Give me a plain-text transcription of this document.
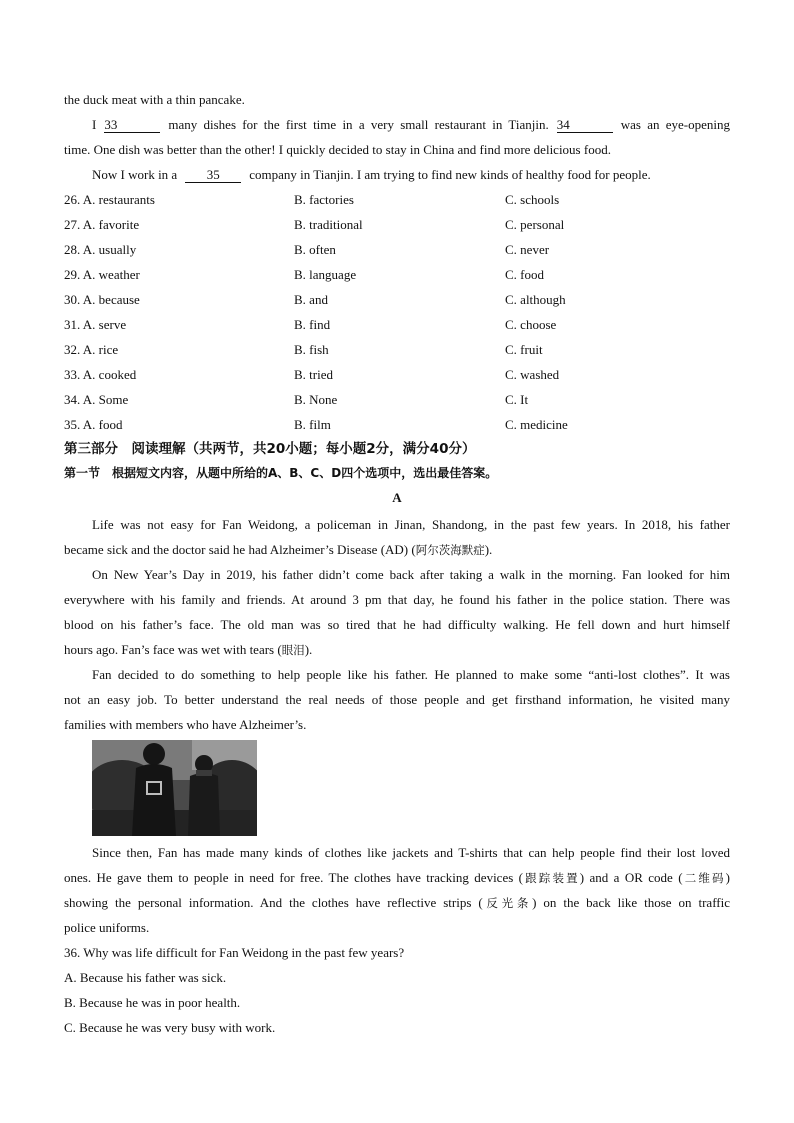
the duck meat with a thin pancake.
I 33	many dishes for the first time in a very small restaurant in Tianjin. 34	was an eye-opening
time. One dish was better than the other! I quickly decided to stay in China and find more delicious food.
Now I work in a 35 company in Tianjin. I am trying to find new kinds of healthy food for people.
26. A. restaurants	B. factories	C. schools
27. A. favorite	B. traditional	C. personal
28. A. usually	B. often	C. never
29. A. weather	B. language	C. food
30. A. because	B. and	C. although
31. A. serve	B. find	C. choose
32. A. rice	B. fish	C. fruit
33. A. cooked	B. tried	C. washed
34. A. Some	B. None	C. It
35. A. food	B. film	C. medicine
第三部分　阅读理解（共两节，共20小题；每小题2分，满分40分）
第一节　根据短文内容，从题中所给的A、B、C、D四个选项中，选出最佳答案。
A
Life was not easy for Fan Weidong, a policeman in Jinan, Shandong, in the past few years. In 2018, his father
became sick and the doctor said he had Alzheimer’s Disease (AD) (阿尔茨海默症).
On New Year’s Day in 2019, his father didn’t come back after taking a walk in the morning. Fan looked for him
everywhere with his family and friends. At around 3 pm that day, he found his father in the police station. There was
blood on his father’s face. The old man was so tired that he had difficulty walking. He fell down and hurt himself
hours ago. Fan’s face was wet with tears (眼泪).
Fan decided to do something to help people like his father. He planned to make some “anti-lost clothes”. It was
not an easy job. To better understand the real needs of those people and get firsthand information, he visited many
families with members who have Alzheimer’s.
Since then, Fan has made many kinds of clothes like jackets and T-shirts that can help people find their lost loved
ones. He gave them to people in need for free. The clothes have tracking devices (跟踪装置) and a OR code (二维码)
showing the personal information. And the clothes have reflective strips (反光条) on the back like those on traffic
police uniforms.
36. Why was life difficult for Fan Weidong in the past few years?
A. Because his father was sick.
B. Because he was in poor health.
C. Because he was very busy with work.
